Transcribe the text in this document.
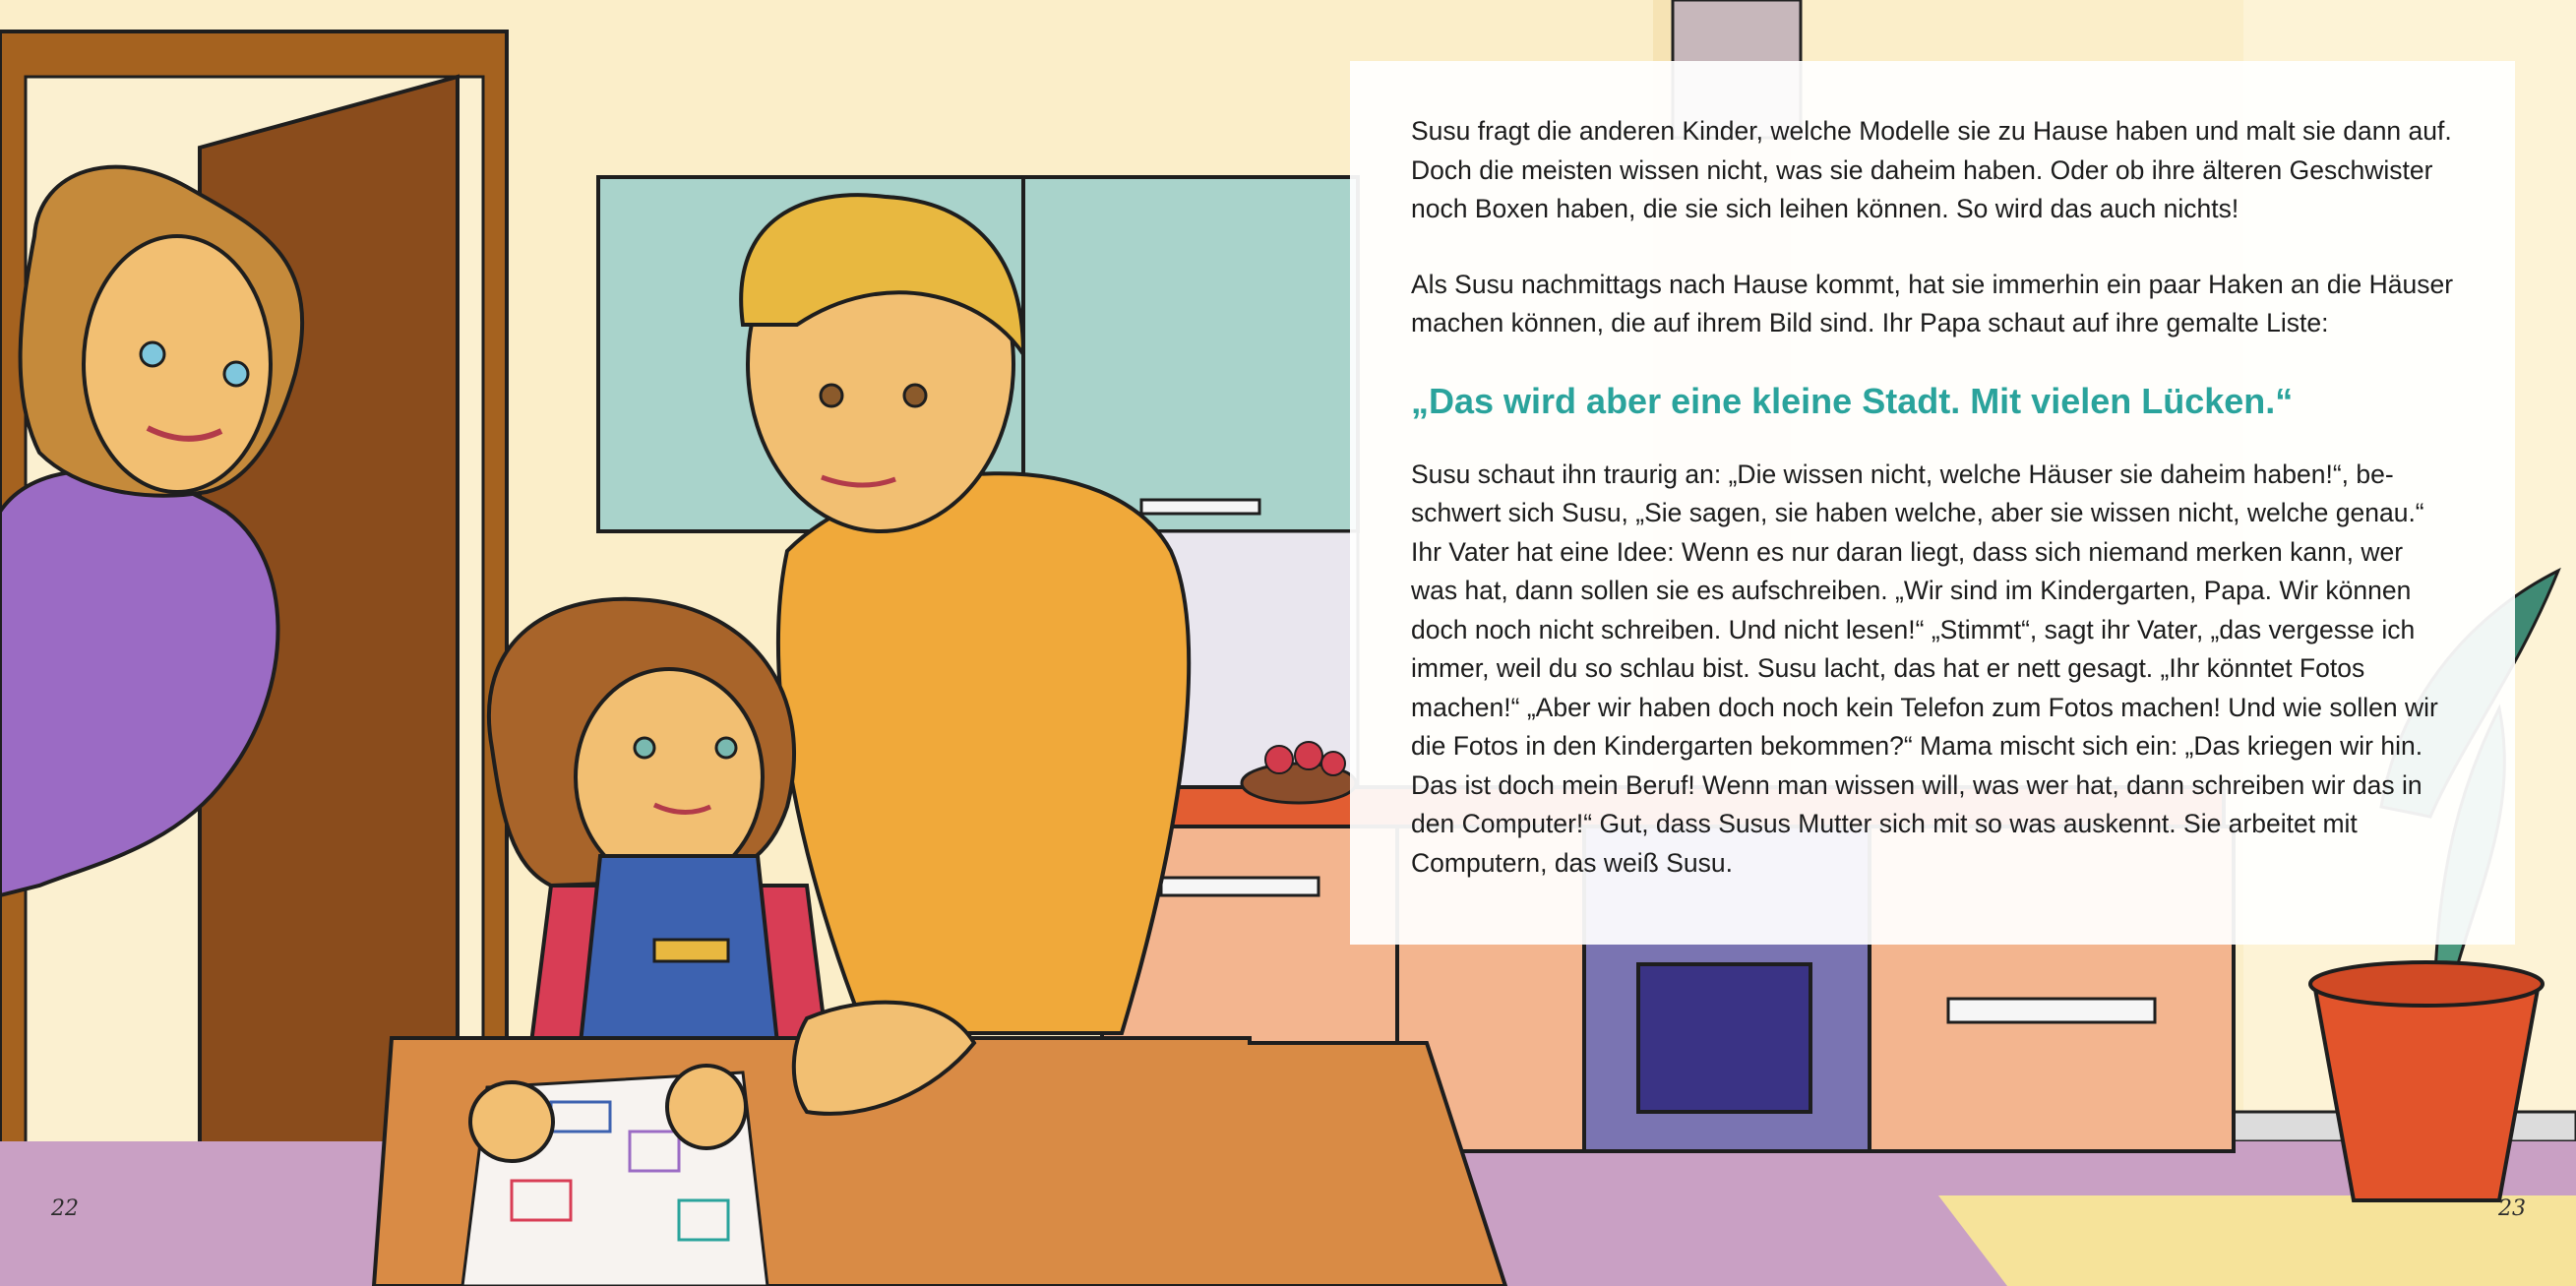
Susu fragt die anderen Kinder, welche Modelle sie zu Hause haben und malt sie dann auf. Doch die meisten wissen nicht, was sie daheim haben. Oder ob ihre älteren Geschwister noch Boxen haben, die sie sich leihen können. So wird das auch nichts!

Als Susu nachmittags nach Hause kommt, hat sie immerhin ein paar Haken an die Häuser machen können, die auf ihrem Bild sind. Ihr Papa schaut auf ihre gemalte Liste:

„Das wird aber eine kleine Stadt. Mit vielen Lücken.“

Susu schaut ihn traurig an: „Die wissen nicht, welche Häuser sie daheim haben!“, be-schwert sich Susu, „Sie sagen, sie haben welche, aber sie wissen nicht, welche genau.“ Ihr Vater hat eine Idee: Wenn es nur daran liegt, dass sich niemand merken kann, wer was hat, dann sollen sie es aufschreiben. „Wir sind im Kindergarten, Papa. Wir können doch noch nicht schreiben. Und nicht lesen!“ „Stimmt“, sagt ihr Vater, „das vergesse ich immer, weil du so schlau bist. Susu lacht, das hat er nett gesagt. „Ihr könntet Fotos machen!“ „Aber wir haben doch noch kein Telefon zum Fotos machen! Und wie sollen wir die Fotos in den Kindergarten bekommen?“ Mama mischt sich ein: „Das kriegen wir hin. Das ist doch mein Beruf! Wenn man wissen will, was wer hat, dann schreiben wir das in den Computer!“ Gut, dass Susus Mutter sich mit so was auskennt. Sie arbeitet mit Computern, das weiß Susu.

22	23
